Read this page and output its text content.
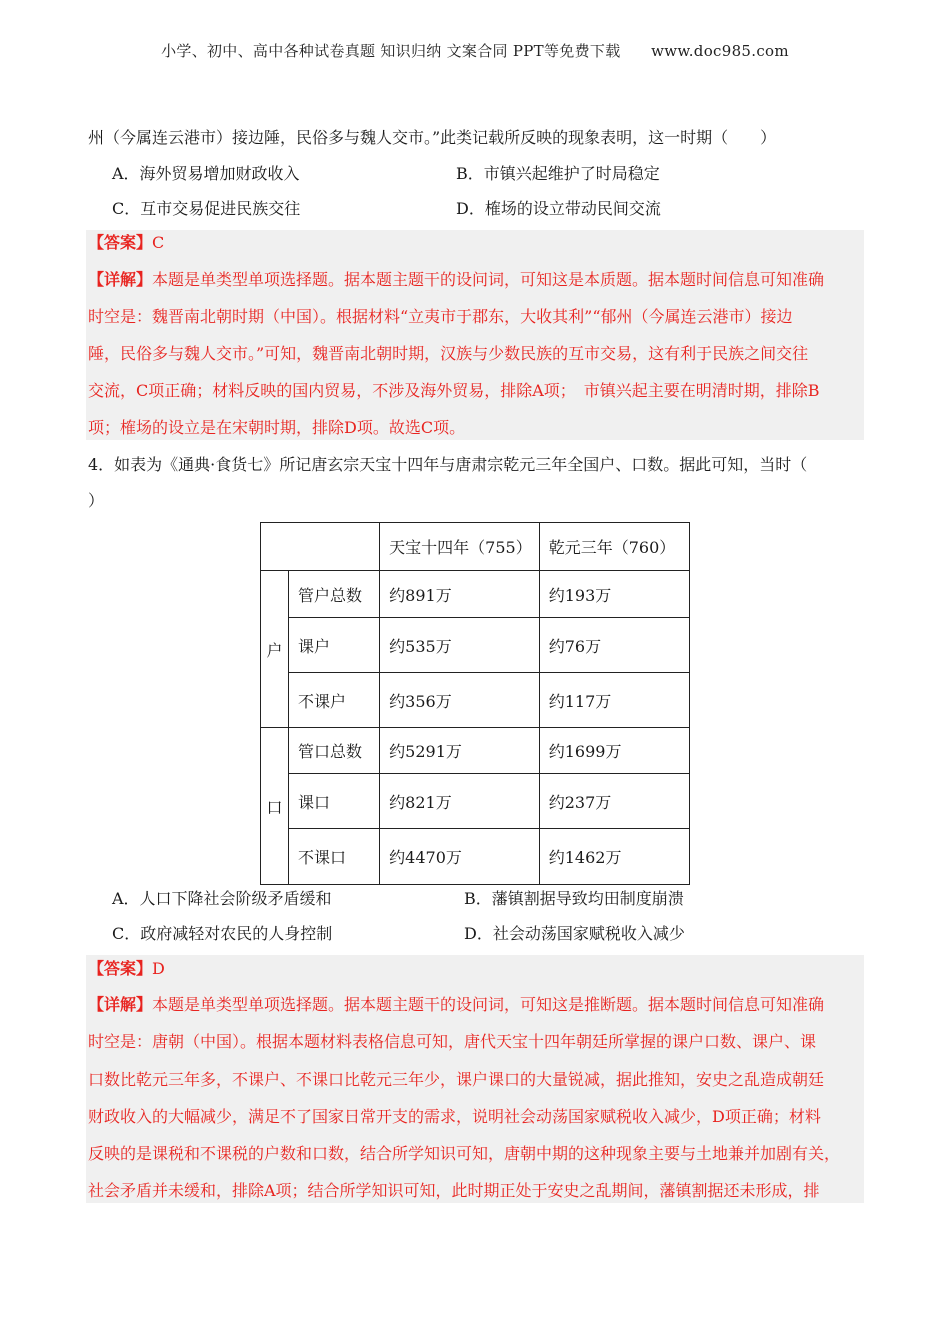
小学、初中、高中各种试卷真题 知识归纳 文案合同 PPT等免费下载　　www.doc985.com
州（今属连云港市）接边陲，民俗多与魏人交市。”此类记载所反映的现象表明，这一时期（　　）
A．海外贸易增加财政收入	B．市镇兴起维护了时局稳定
C．互市交易促进民族交往	D．榷场的设立带动民间交流
【答案】C
【详解】本题是单类型单项选择题。据本题主题干的设问词，可知这是本质题。据本题时间信息可知准确
时空是：魏晋南北朝时期（中国）。根据材料“立夷市于郡东，大收其利”“郁州（今属连云港市）接边
陲，民俗多与魏人交市。”可知，魏晋南北朝时期，汉族与少数民族的互市交易，这有利于民族之间交往
交流，C项正确；材料反映的国内贸易，不涉及海外贸易，排除A项；　市镇兴起主要在明清时期，排除B
项；榷场的设立是在宋朝时期，排除D项。故选C项。
4．如表为《通典·食货七》所记唐玄宗天宝十四年与唐肃宗乾元三年全国户、口数。据此可知，当时（
）
		天宝十四年（755）	乾元三年（760）
户	管户总数	约891万	约193万
	课户	约535万	约76万
	不课户	约356万	约117万
口	管口总数	约5291万	约1699万
	课口	约821万	约237万
	不课口	约4470万	约1462万
A．人口下降社会阶级矛盾缓和	B．藩镇割据导致均田制度崩溃
C．政府减轻对农民的人身控制	D．社会动荡国家赋税收入减少
【答案】D
【详解】本题是单类型单项选择题。据本题主题干的设问词，可知这是推断题。据本题时间信息可知准确
时空是：唐朝（中国）。根据本题材料表格信息可知，唐代天宝十四年朝廷所掌握的课户口数、课户、课
口数比乾元三年多，不课户、不课口比乾元三年少，课户课口的大量锐减，据此推知，安史之乱造成朝廷
财政收入的大幅减少，满足不了国家日常开支的需求，说明社会动荡国家赋税收入减少，D项正确；材料
反映的是课税和不课税的户数和口数，结合所学知识可知，唐朝中期的这种现象主要与土地兼并加剧有关，
社会矛盾并未缓和，排除A项；结合所学知识可知，此时期正处于安史之乱期间，藩镇割据还未形成，排
